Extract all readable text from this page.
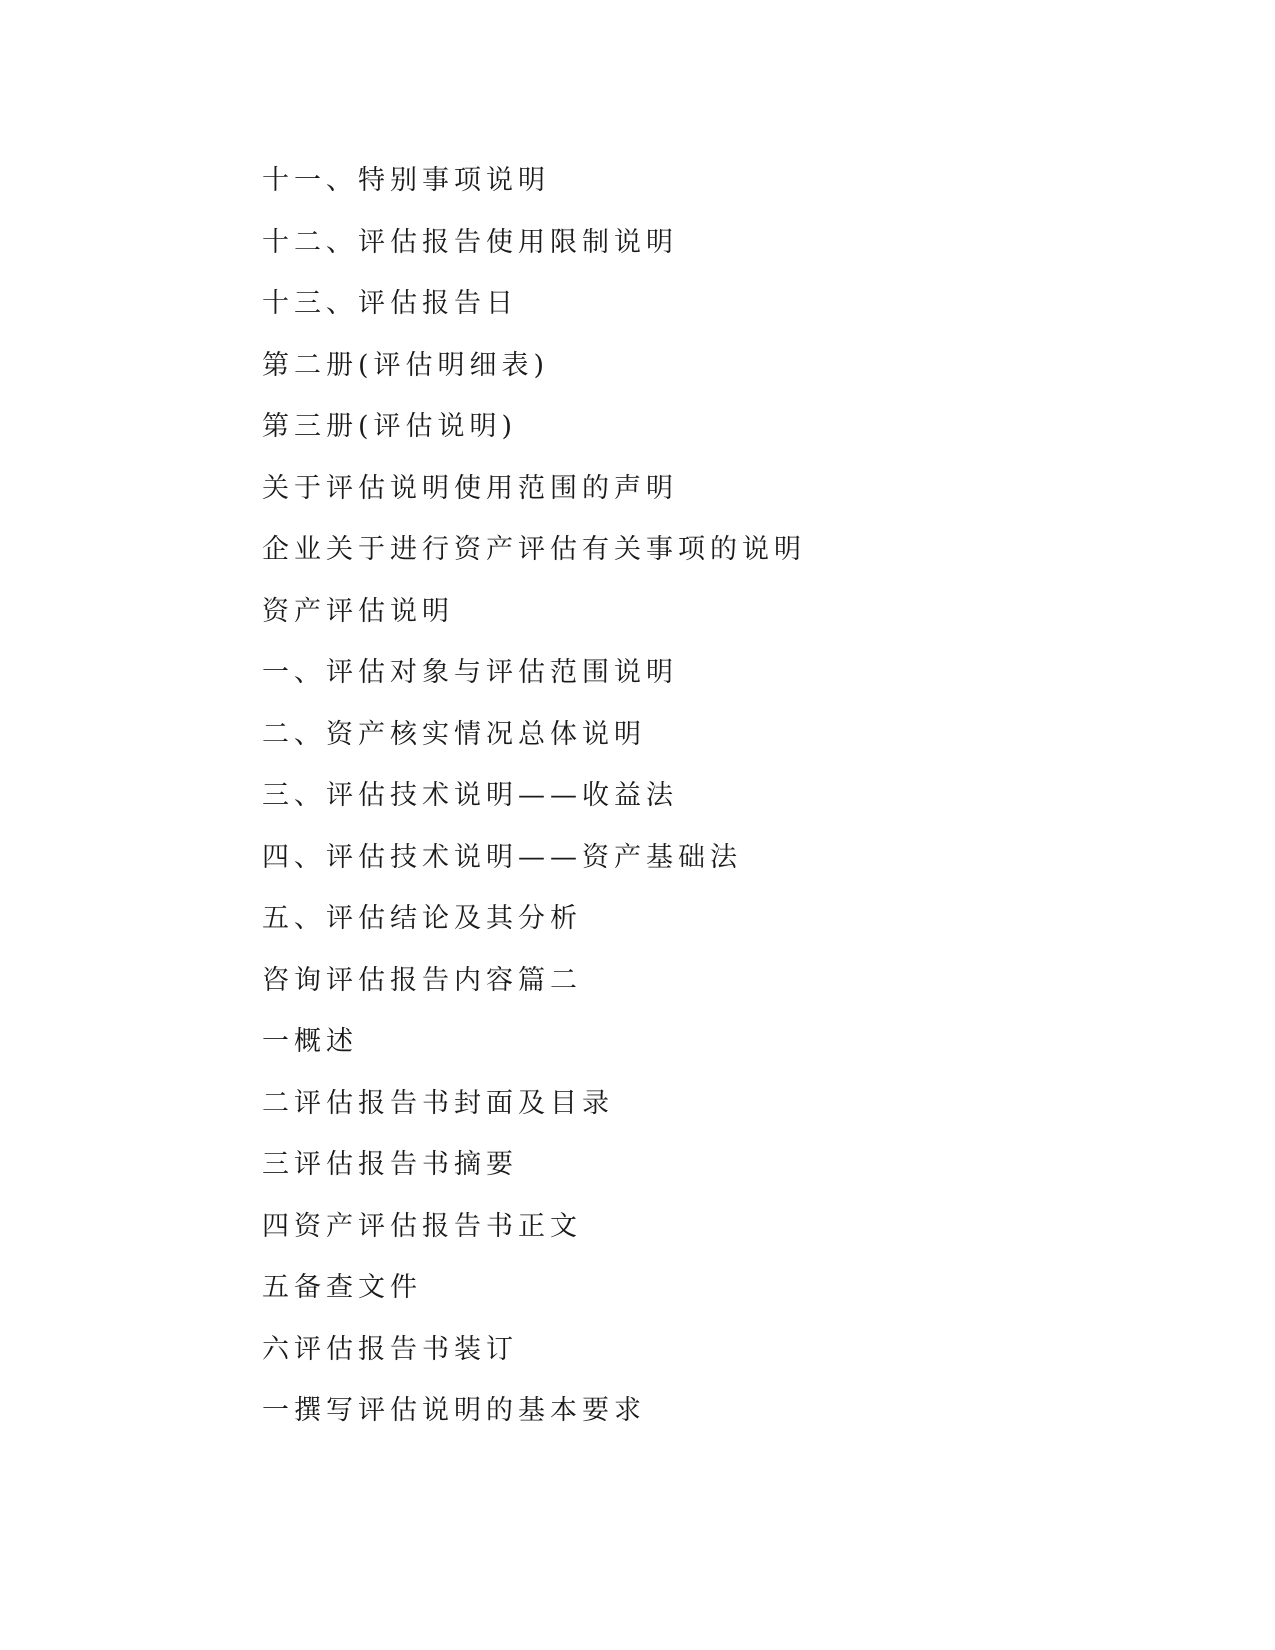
十一、特别事项说明
十二、评估报告使用限制说明
十三、评估报告日
第二册(评估明细表)
第三册(评估说明)
关于评估说明使用范围的声明
企业关于进行资产评估有关事项的说明
资产评估说明
一、评估对象与评估范围说明
二、资产核实情况总体说明
三、评估技术说明——收益法
四、评估技术说明——资产基础法
五、评估结论及其分析
咨询评估报告内容篇二
一概述
二评估报告书封面及目录
三评估报告书摘要
四资产评估报告书正文
五备查文件
六评估报告书装订
一撰写评估说明的基本要求
